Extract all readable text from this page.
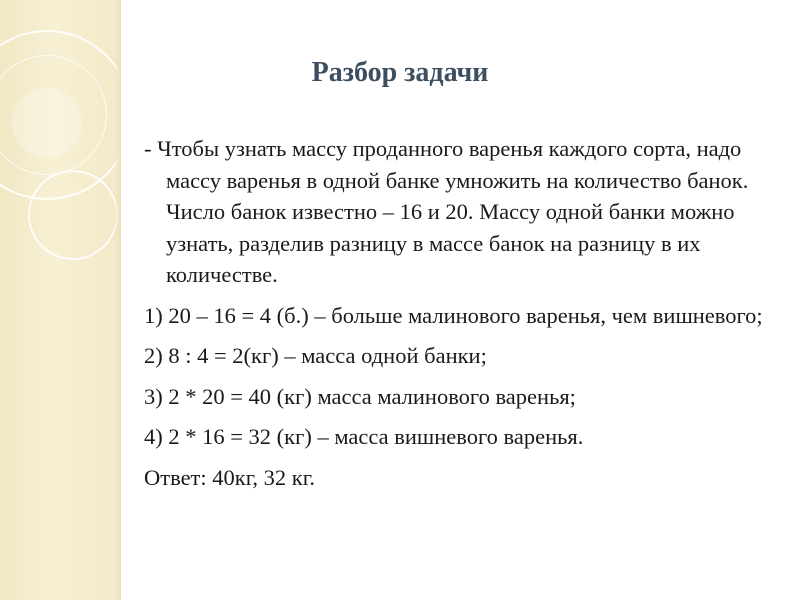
Разбор задачи

- Чтобы узнать массу проданного варенья каждого сорта, надо массу варенья в одной банке умножить на количество банок. Число банок известно – 16 и 20. Массу одной банки можно узнать, разделив разницу в массе банок на разницу в их количестве.

1) 20 – 16 = 4 (б.) – больше малинового варенья, чем вишневого;

2) 8 : 4 = 2(кг) – масса одной банки;

3) 2 * 20 = 40 (кг) масса малинового варенья;

4) 2 * 16 = 32 (кг) – масса вишневого варенья.

Ответ: 40кг, 32 кг.
